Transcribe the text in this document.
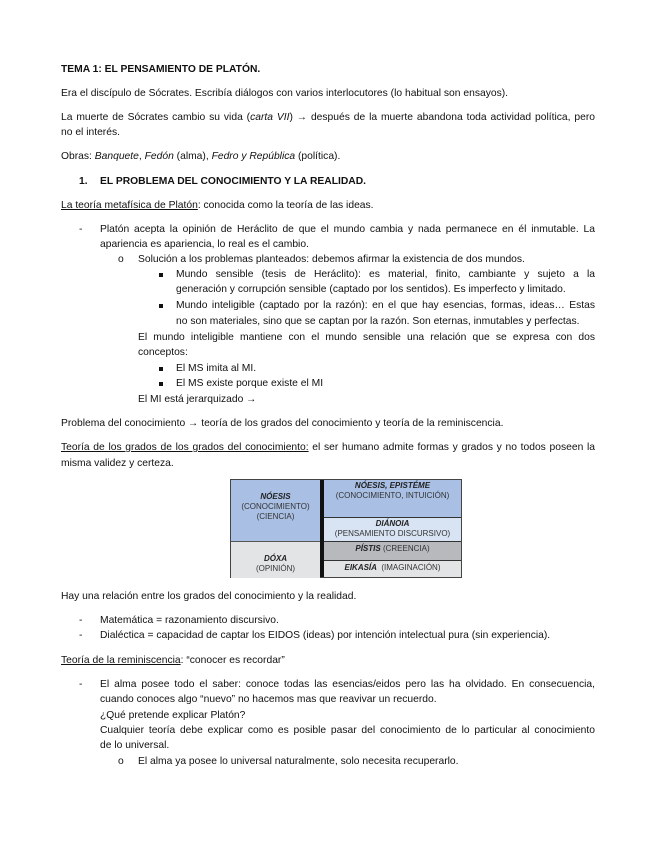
TEMA 1: EL PENSAMIENTO DE PLATÓN.
Era el discípulo de Sócrates. Escribía diálogos con varios interlocutores (lo habitual son ensayos).
La muerte de Sócrates cambio su vida (carta VII) → después de la muerte abandona toda actividad política, pero
no el interés.
Obras: Banquete, Fedón (alma), Fedro y República (política).
1. EL PROBLEMA DEL CONOCIMIENTO Y LA REALIDAD.
La teoría metafísica de Platón: conocida como la teoría de las ideas.
- Platón acepta la opinión de Heráclito de que el mundo cambia y nada permanece en él inmutable. La
apariencia es apariencia, lo real es el cambio.
o Solución a los problemas planteados: debemos afirmar la existencia de dos mundos.
Mundo sensible (tesis de Heráclito): es material, finito, cambiante y sujeto a la
generación y corrupción sensible (captado por los sentidos). Es imperfecto y limitado.
Mundo inteligible (captado por la razón): en el que hay esencias, formas, ideas… Estas
no son materiales, sino que se captan por la razón. Son eternas, inmutables y perfectas.
El mundo inteligible mantiene con el mundo sensible una relación que se expresa con dos
conceptos:
El MS imita al MI.
El MS existe porque existe el MI
El MI está jerarquizado →
Problema del conocimiento → teoría de los grados del conocimiento y teoría de la reminiscencia.
Teoría de los grados de los grados del conocimiento: el ser humano admite formas y grados y no todos poseen la
misma validez y certeza.
NÓESIS
(CONOCIMIENTO)
(CIENCIA)
DÓXA
(OPINIÓN)
NÓESIS, EPISTÉME
(CONOCIMIENTO, INTUICIÓN)
DIÁNOIA
(PENSAMIENTO DISCURSIVO)
PÍSTIS (CREENCIA)
EIKASÍA  (IMAGINACIÓN)
Hay una relación entre los grados del conocimiento y la realidad.
- Matemática = razonamiento discursivo.
- Dialéctica = capacidad de captar los EIDOS (ideas) por intención intelectual pura (sin experiencia).
Teoría de la reminiscencia: “conocer es recordar”
- El alma posee todo el saber: conoce todas las esencias/eidos pero las ha olvidado. En consecuencia,
cuando conoces algo “nuevo” no hacemos mas que reavivar un recuerdo.
¿Qué pretende explicar Platón?
Cualquier teoría debe explicar como es posible pasar del conocimiento de lo particular al conocimiento
de lo universal.
o El alma ya posee lo universal naturalmente, solo necesita recuperarlo.
